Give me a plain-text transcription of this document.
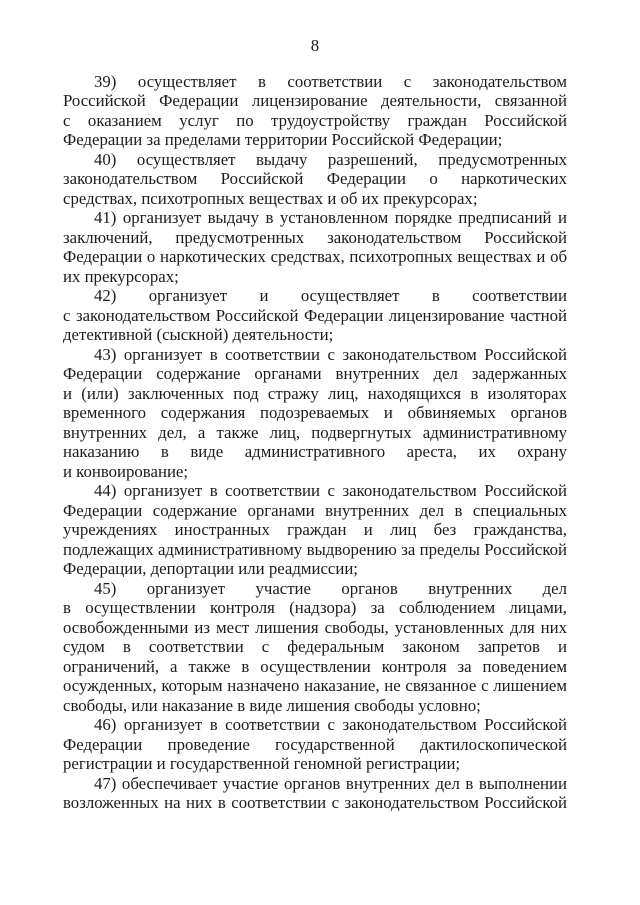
8
39) осуществляет в соответствии с законодательством
Российской Федерации лицензирование деятельности, связанной
с оказанием услуг по трудоустройству граждан Российской
Федерации за пределами территории Российской Федерации;
40) осуществляет выдачу разрешений, предусмотренных
законодательством Российской Федерации о наркотических
средствах, психотропных веществах и об их прекурсорах;
41) организует выдачу в установленном порядке предписаний и
заключений, предусмотренных законодательством Российской
Федерации о наркотических средствах, психотропных веществах и об
их прекурсорах;
42) организует и осуществляет в соответствии
с законодательством Российской Федерации лицензирование частной
детективной (сыскной) деятельности;
43) организует в соответствии с законодательством Российской
Федерации содержание органами внутренних дел задержанных
и (или) заключенных под стражу лиц, находящихся в изоляторах
временного содержания подозреваемых и обвиняемых органов
внутренних дел, а также лиц, подвергнутых административному
наказанию в виде административного ареста, их охрану
и конвоирование;
44) организует в соответствии с законодательством Российской
Федерации содержание органами внутренних дел в специальных
учреждениях иностранных граждан и лиц без гражданства,
подлежащих административному выдворению за пределы Российской
Федерации, депортации или реадмиссии;
45) организует участие органов внутренних дел
в осуществлении контроля (надзора) за соблюдением лицами,
освобожденными из мест лишения свободы, установленных для них
судом в соответствии с федеральным законом запретов и
ограничений, а также в осуществлении контроля за поведением
осужденных, которым назначено наказание, не связанное с лишением
свободы, или наказание в виде лишения свободы условно;
46) организует в соответствии с законодательством Российской
Федерации проведение государственной дактилоскопической
регистрации и государственной геномной регистрации;
47) обеспечивает участие органов внутренних дел в выполнении
возложенных на них в соответствии с законодательством Российской
